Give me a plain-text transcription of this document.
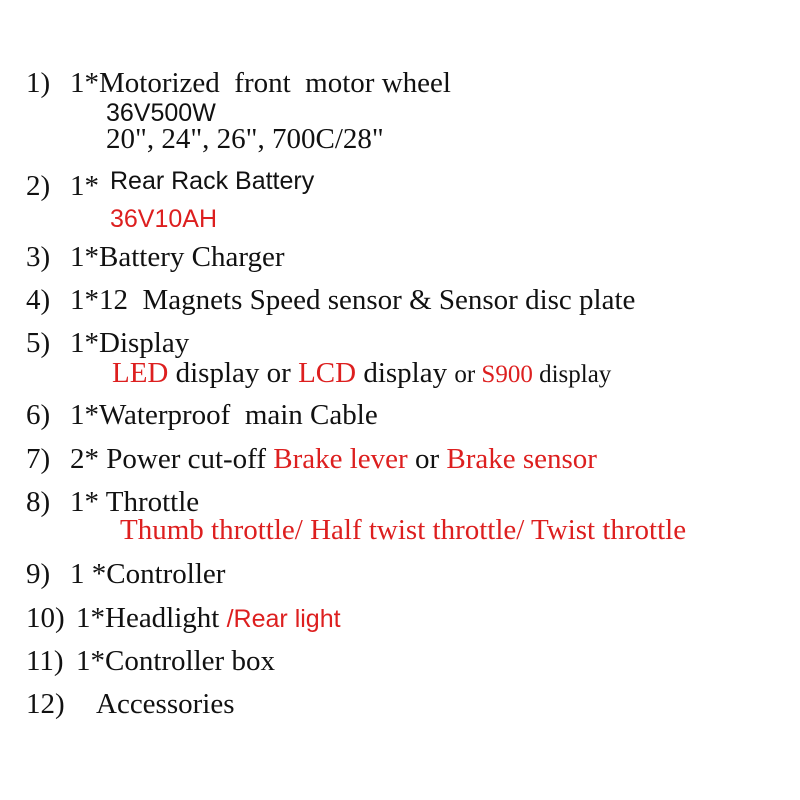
1) 1*Motorized  front  motor wheel
36V500W
20", 24", 26", 700C/28"
2) 1* Rear Rack Battery
36V10AH
3) 1*Battery Charger
4) 1*12  Magnets Speed sensor & Sensor disc plate
5) 1*Display
LED display or LCD display or S900 display
6) 1*Waterproof  main Cable
7) 2* Power cut-off Brake lever or Brake sensor
8) 1* Throttle
Thumb throttle/ Half twist throttle/ Twist throttle
9) 1 *Controller
10) 1*Headlight /Rear light
11) 1*Controller box
12) Accessories
